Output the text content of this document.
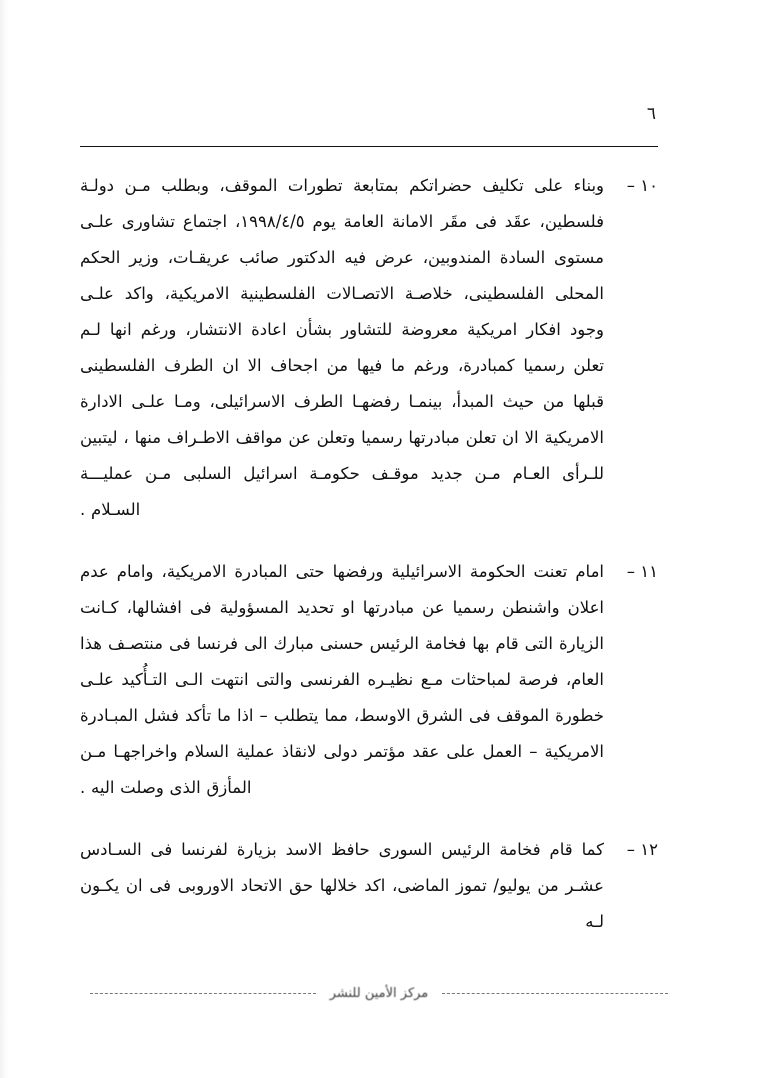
٦
١٠ –
وبناء على تكليف حضراتكم بمتابعة تطورات الموقف، وبطلب مـن دولـة فلسطين، عقَد فى مقَر الامانة العامة يوم ١٩٩٨/٤/٥، اجتماع تشاورى علـى مستوى السادة المندوبين، عرض فيه الدكتور صائب عريقـات، وزير الحكم المحلى الفلسطينى، خلاصـة الاتصـالات الفلسطينية الامريكية، واكد علـى وجود افكار امريكية معروضة للتشاور بشأن اعادة الانتشار، ورغم انها لـم تعلن رسميا كمبادرة، ورغم ما فيها من اجحاف الا ان الطرف الفلسطينى قبلها من حيث المبدأ، بينمـا رفضهـا الطرف الاسرائيلى، ومـا علـى الادارة الامريكية الا ان تعلن مبادرتها رسميا وتعلن عن مواقف الاطـراف منها ، ليتبين للـرأى العـام مـن جديد موقـف حكومـة اسرائيل السلبى مـن عمليـــة السـلام .
١١ –
امام تعنت الحكومة الاسرائيلية ورفضها حتى المبادرة الامريكية، وامام عدم اعلان واشنطن رسميا عن مبادرتها او تحديد المسؤولية فى افشالها، كـانت الزيارة التى قام بها فخامة الرئيس حسنى مبارك الى فرنسا فى منتصـف هذا العام، فرصة لمباحثات مـع نظيـره الفرنسى والتى انتهت الـى التـأُكيد علـى خطورة الموقف فى الشرق الاوسط، مما يتطلب – اذا ما تأكد فشل المبـادرة الامريكية – العمل على عقد مؤتمر دولى لانقاذ عملية السلام واخراجهـا مـن المأزق الذى وصلت اليه .
١٢ –
كما قام فخامة الرئيس السورى حافظ الاسد بزيارة لفرنسا فى السـادس عشـر من يوليو/ تموز الماضى، اكد خلالها حق الاتحاد الاوروبى فى ان يكـون لـه
مركز الأمين للنشر
